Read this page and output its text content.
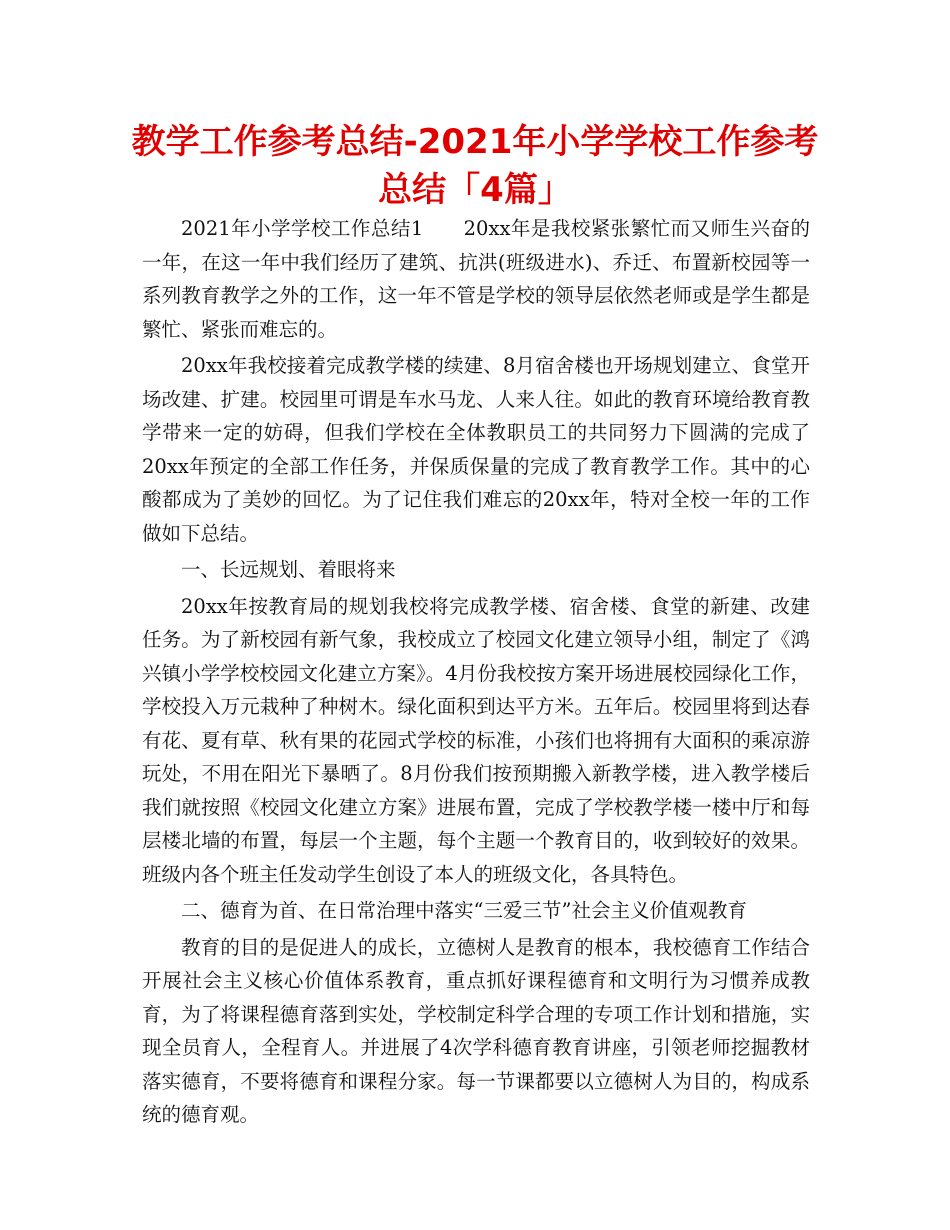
教学工作参考总结-2021年小学学校工作参考总结「4篇」

2021年小学学校工作总结1　　20xx年是我校紧张繁忙而又师生兴奋的一年，在这一年中我们经历了建筑、抗洪(班级进水)、乔迁、布置新校园等一系列教育教学之外的工作，这一年不管是学校的领导层依然老师或是学生都是繁忙、紧张而难忘的。

20xx年我校接着完成教学楼的续建、8月宿舍楼也开场规划建立、食堂开场改建、扩建。校园里可谓是车水马龙、人来人往。如此的教育环境给教育教学带来一定的妨碍，但我们学校在全体教职员工的共同努力下圆满的完成了20xx年预定的全部工作任务，并保质保量的完成了教育教学工作。其中的心酸都成为了美妙的回忆。为了记住我们难忘的20xx年，特对全校一年的工作做如下总结。

一、长远规划、着眼将来

20xx年按教育局的规划我校将完成教学楼、宿舍楼、食堂的新建、改建任务。为了新校园有新气象，我校成立了校园文化建立领导小组，制定了《鸿兴镇小学学校校园文化建立方案》。4月份我校按方案开场进展校园绿化工作，学校投入万元栽种了种树木。绿化面积到达平方米。五年后。校园里将到达春有花、夏有草、秋有果的花园式学校的标准，小孩们也将拥有大面积的乘凉游玩处，不用在阳光下暴晒了。8月份我们按预期搬入新教学楼，进入教学楼后我们就按照《校园文化建立方案》进展布置，完成了学校教学楼一楼中厅和每层楼北墙的布置，每层一个主题，每个主题一个教育目的，收到较好的效果。班级内各个班主任发动学生创设了本人的班级文化，各具特色。

二、德育为首、在日常治理中落实“三爱三节”社会主义价值观教育

教育的目的是促进人的成长，立德树人是教育的根本，我校德育工作结合开展社会主义核心价值体系教育，重点抓好课程德育和文明行为习惯养成教育，为了将课程德育落到实处，学校制定科学合理的专项工作计划和措施，实现全员育人，全程育人。并进展了4次学科德育教育讲座，引领老师挖掘教材落实德育，不要将德育和课程分家。每一节课都要以立德树人为目的，构成系统的德育观。
